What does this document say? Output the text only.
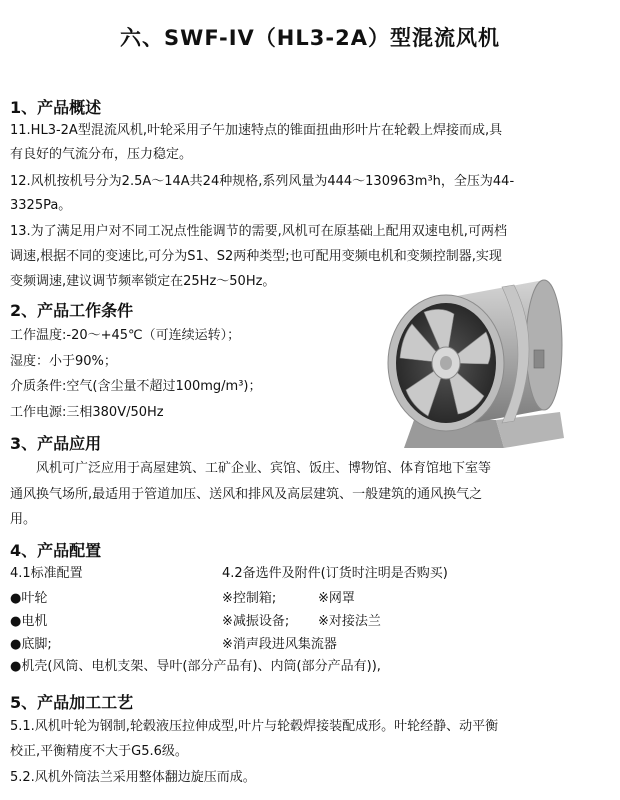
六、SWF-IV（HL3-2A）型混流风机
1、产品概述
11.HL3-2A型混流风机,叶轮采用子午加速特点的锥面扭曲形叶片在轮毂上焊接而成,具
有良好的气流分布，压力稳定。
12.风机按机号分为2.5A～14A共24种规格,系列风量为444～130963m³h，全压为44-
3325Pa。
13.为了满足用户对不同工况点性能调节的需要,风机可在原基础上配用双速电机,可两档
调速,根据不同的变速比,可分为S1、S2两种类型;也可配用变频电机和变频控制器,实现
变频调速,建议调节频率锁定在25Hz～50Hz。
2、产品工作条件
工作温度:-20～+45℃（可连续运转）；
湿度：小于90%；
介质条件:空气(含尘量不超过100mg/m³)；
工作电源:三相380V/50Hz
3、产品应用
风机可广泛应用于高屋建筑、工矿企业、宾馆、饭庄、博物馆、体育馆地下室等
通风换气场所,最适用于管道加压、送风和排风及高层建筑、一般建筑的通风换气之
用。
4、产品配置
4.1标准配置	4.2备选件及附件(订货时注明是否购买)
●叶轮	※控制箱;	※网罩
●电机	※减振设备; ※对接法兰
●底脚;	※消声段进风集流器
●机壳(风筒、电机支架、导叶(部分产品有)、内筒(部分产品有)),
5、产品加工工艺
5.1.风机叶轮为钢制,轮毂液压拉伸成型,叶片与轮毂焊接装配成形。叶轮经静、动平衡
校正,平衡精度不大于G5.6级。
5.2.风机外筒法兰采用整体翻边旋压而成。
